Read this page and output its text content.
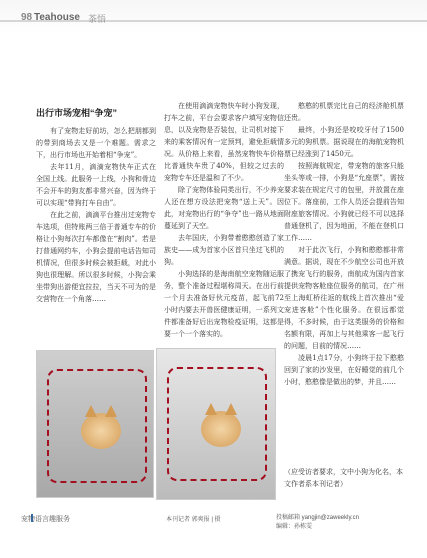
98 Teahouse 茶悟
出行市场宠相“争宠”

有了宠物走好前坊，怎么把朋都到的带到商场去又是一个难题。需求之下，出行市场也开始着相“争宠”。

去年11月，滴滴宠物快车正式在全国上线。此服务一上线，小狗和骨边不会开车的狗友都非常兴奋，因为终于可以实现“带狗打车自由”。

在此之前，滴滴平台推出过宠物专车选项，但特账两三倍于普通专车的价格让小狗每次打车都像在“割肉”。若是打普通网约车，小狗会提前电话告知司机情况，但很多时候会被拒载，对此小狗也很理解。所以很多时候，小狗会乘坐带狗出游便宜拉拉，当天不可为的是交营物在一个角落……

在使用滴滴宠物快车时小狗发现，打车之前，平台会要求客户填写宠物信息，以及宠物是否装包，让司机对接下来的乘客情况有一定预判，避免拒载情况。从价格上来看，虽然宠物快车价格比普通快车贵了40%，但较之过去的宠物专车还是温和了不少。

除了宠物体验同类出行，不少养宠人还在想方设法把宠物“送上天”。因此，对宠物出行的“争夺”也一路从地面蔓延到了天空。

去年国庆，小狗带着憨憨创造了家族史——成为首家小区首只坐过飞机的狗。

小狗选择的是海南航空宠物随运服务，整个准备过程堪称周天。在出行前一个月去准备好伙元疫苗，起飞前72小时内要去开兽医健康证明，一系列文件都准备好后出宠物检疫证明，这都是要一个一个落实的。

憨憨的机票完比自己的经济舱机票还贵。

最终，小狗还是咬咬牙付了1500多元的狗机票。据说现在的海航宠物机票已经涨到了1450元。

按照海航规定，带宠物的旅客只能坐头等或一排，小狗是“允座票”，需按要求装在规定尺寸的包里，并放置在座位下。落座前，工作人员还会提前告知附座旅客情况。小狗就已经不可以选择普通登机了，因为地面，不能在登机口工作……

对于此次飞行，小狗和憨憨都非常满意。据说，现在不少航空公司也开放了携宠飞行的服务，南航成为国内首家提供宠物客舱座位服务的航司，在广州至上海虹桥往返的航线上首次推出“爱宠进客舱”个性化服务。在很远都觉得，不多时候，由于这类服务的价格和名额有限，再加上与其他乘客一起飞行的问题，目前的情况……

凌晨1点17分，小狗终于拉下憨憨回到了家的沙发里，在好睡觉的前几个小时，憨憨像是做出的梦，并且……

（应受访者要求，文中小狗为化名，本文作者系本刊记者）
宠物语言趣服务	本刊记者 郭爽报 | 摄	投稿邮箱 yangjin@zaweekly.cn
编辑：孙栋雯
